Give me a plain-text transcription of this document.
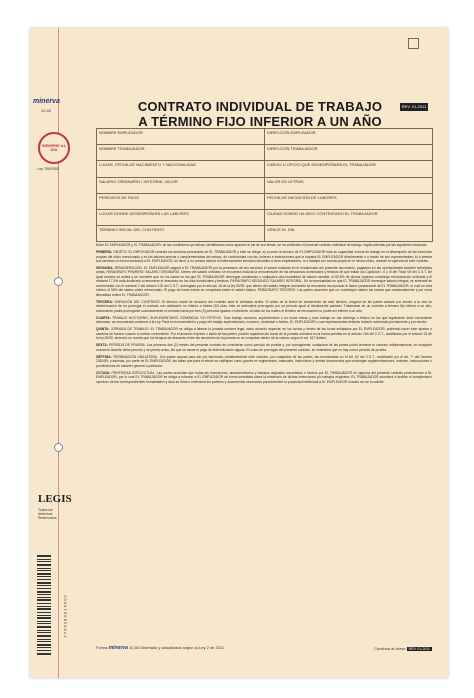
minerva
10-50
SIEMPRE AL DÍA
Ley 789/2002
LEGIS
Todos los derechos Reservados
7 7 0 6 2 8 3 9 1 4 5 0 2
CONTRATO INDIVIDUAL DE TRABAJO
A TÉRMINO FIJO INFERIOR A UN AÑO
REV. 01-2011
NOMBRE EMPLEADOR	DIRECCIÓN EMPLEADOR
NOMBRE TRABAJADOR	DIRECCIÓN TRABAJADOR
LUGAR, FECHA DE NACIMIENTO Y NACIONALIDAD	CARGO U OFICIO QUE DESEMPEÑARÁ EL TRABAJADOR
SALARIO ORDINARIO / INTEGRAL VALOR	VALOR EN LETRAS
PERÍODOS DE PAGO	FECHA DE INICIACIÓN DE LABORES
LUGAR DONDE DESEMPEÑARÁ LAS LABORES	CIUDAD DONDE HA SIDO CONTRATADO EL TRABAJADOR
TÉRMINO INICIAL DEL CONTRATO	VENCE EL DÍA

Entre EL EMPLEADOR y EL TRABAJADOR, de las condiciones ya dichas, identificados como aparece al pie de sus firmas, se ha celebrado el presente contrato individual de trabajo, regido además por las siguientes cláusulas:

PRIMERA: OBJETO. EL EMPLEADOR contrata los servicios personales de EL TRABAJADOR y éste se obliga: a) a poner al servicio de EL EMPLEADOR toda su capacidad normal de trabajo en el desempeño de las funciones propias del oficio mencionado y en las labores anexas y complementarias del mismo, de conformidad con las órdenes e instrucciones que le imparta EL EMPLEADOR directamente o a través de sus representantes; b) a prestar sus servicios en forma exclusiva a EL EMPLEADOR, es decir, a no prestar directa ni indirectamente servicios laborales a otros empleadores, ni a trabajar por cuenta propia en el mismo oficio, durante la vigencia de este contrato.

SEGUNDA: REMUNERACIÓN. EL EMPLEADOR pagará a EL TRABAJADOR por la prestación de sus servicios el salario indicado en el encabezado del presente documento, pagadero en las oportunidades también señaladas arriba. PARÁGRAFO PRIMERO: SALARIO ORDINARIO. Dentro del salario ordinario se encuentra incluida la remuneración de los descansos dominicales y festivos de que tratan los Capítulos I, II y III del Título VII del C.S.T. De igual manera se aclara y se conviene que en los casos en los que EL TRABAJADOR devengue comisiones o cualquiera otra modalidad de salario variable, el 82,5% de dichos ingresos constituye remuneración ordinaria y el restante 17,5% está destinado a remunerar el descanso en los días dominicales y festivos. PARÁGRAFO SEGUNDO: SALARIO INTEGRAL. En la eventualidad en que EL TRABAJADOR devengue salario integral, se entiende de conformidad con el numeral 2 del artículo 132 del C.S.T., subrogado por el artículo 18 de la ley 50/90, que dentro del salario integral convenido se encuentra incorporado el factor prestacional de EL TRABAJADOR, el cual no será inferior al 30% del salario antes mencionado. El pago de horas extras se computará sobre el salario básico. PARÁGRAFO TERCERO: Las partes acuerdan que no constituyen salario las sumas que ocasionalmente y por mera liberalidad reciba EL TRABAJADOR.

TERCERA: DURACIÓN DEL CONTRATO. El término inicial de duración del contrato será el señalado arriba. Si antes de la fecha de vencimiento de este término, ninguna de las partes avisare por escrito a la otra su determinación de no prorrogar el contrato con antelación no inferior a treinta (30) días, éste se entenderá prorrogado por un período igual al inicialmente pactado. Tratándose de un contrato a término fijo inferior a un año, únicamente podrá prorrogarse sucesivamente el contrato hasta por tres (3) períodos iguales o inferiores, al cabo de los cuales el término de renovación no podrá ser inferior a un año.

CUARTA: TRABAJO NOCTURNO, SUPLEMENTARIO, DOMINICAL Y/O FESTIVO. Todo trabajo nocturno, suplementario o en horas extras y todo trabajo en día domingo o festivo en los que legalmente debe concederse descanso, se remunerará conforme a la Ley. Para el reconocimiento y pago del trabajo suplementario, nocturno, dominical o festivo, EL EMPLEADOR o sus representantes deberán haberlo autorizado previamente y por escrito.

QUINTA: JORNADA DE TRABAJO. EL TRABAJADOR se obliga a laborar la jornada máxima legal, salvo acuerdo especial, en los turnos y dentro de las horas señalados por EL EMPLEADOR, pudiendo hacer éste ajustes o cambios de horario cuando lo estime conveniente. Por el acuerdo expreso o tácito de las partes, podrán repartirse las horas de la jornada ordinaria en la forma prevista en el artículo 164 del C.S.T., modificado por el artículo 23 de la ley 50/90, teniendo en cuenta que los tiempos de descanso entre las secciones de la jornada no se computan dentro de la misma, según el art. 167 ibídem.

SEXTA: PERÍODO DE PRUEBA. Los primeros dos (2) meses del presente contrato se consideran como período de prueba y, por consiguiente, cualquiera de las partes podrá terminar el contrato unilateralmente, en cualquier momento durante dicho período y sin previo aviso, sin que se cause el pago de indemnización alguna. En caso de prórrogas del presente contrato, se entenderá que no hay nuevo período de prueba.

SÉPTIMA: TERMINACIÓN UNILATERAL. Son justas causas para dar por terminado unilateralmente este contrato, por cualquiera de las partes, las enumeradas en el Art. 62 del C.S.T., modificado por el Art. 7º del Decreto 2351/65; y además, por parte de EL EMPLEADOR, las faltas que para el efecto se califiquen como graves en reglamentos, manuales, instructivos y demás documentos que contengan reglamentaciones, órdenes, instrucciones o prohibiciones de carácter general o particular.

OCTAVA: PROPIEDAD INTELECTUAL. Las partes acuerdan que todas las invenciones, descubrimientos y trabajos originales concebidos o hechos por EL TRABAJADOR en vigencia del presente contrato pertenecerán a EL EMPLEADOR, por lo cual EL TRABAJADOR se obliga a informar a EL EMPLEADOR de forma inmediata sobre la existencia de dichas invenciones y/o trabajos originales. EL TRABAJADOR accederá a facilitar el cumplimiento oportuno de las correspondientes formalidades y dará su firma o extenderá los poderes y documentos necesarios para transferir la propiedad intelectual a EL EMPLEADOR cuando así se lo solicite.

Forma minerva 10-50 Diseñado y actualizado según la Ley 2 de 2011	Continúa al dorso REV. 01-2011
